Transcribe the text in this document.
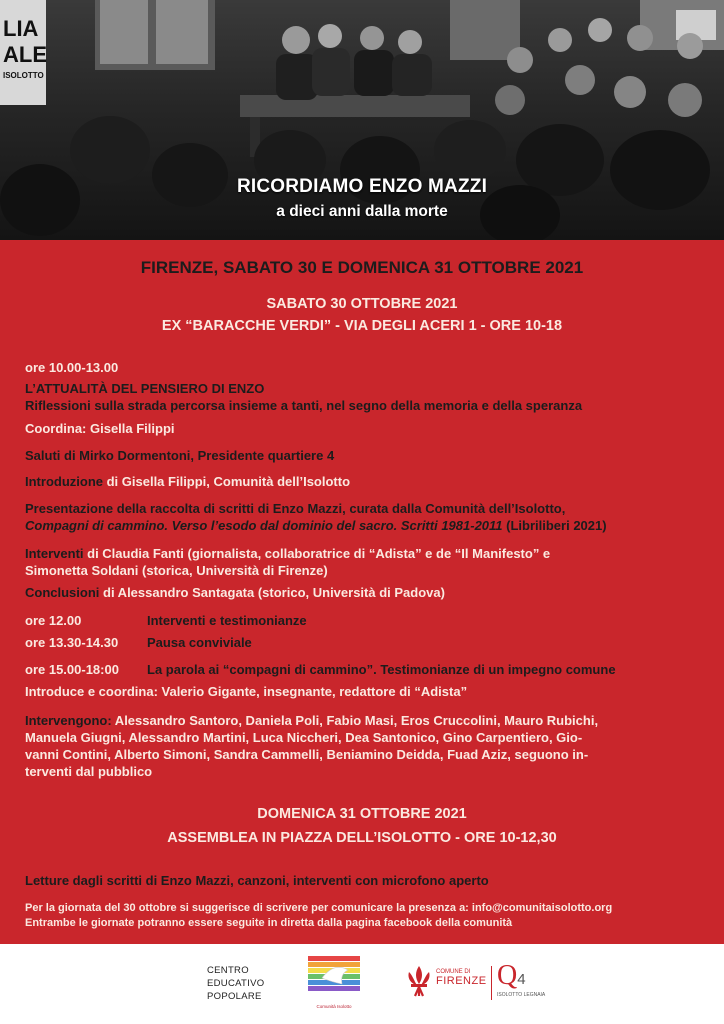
LIA
ALE
ISOLOTTO
RICORDIAMO ENZO MAZZI
a dieci anni dalla morte
FIRENZE, SABATO 30 E DOMENICA 31 OTTOBRE 2021
SABATO 30 OTTOBRE 2021
EX “BARACCHE VERDI” - VIA DEGLI ACERI 1 - ORE 10-18
ore 10.00-13.00
L’ATTUALITÀ DEL PENSIERO DI ENZO
Riflessioni sulla strada percorsa insieme a tanti, nel segno della memoria e della speranza
Coordina: Gisella Filippi
Saluti di Mirko Dormentoni, Presidente quartiere 4
Introduzione di Gisella Filippi, Comunità dell’Isolotto
Presentazione della raccolta di scritti di Enzo Mazzi, curata dalla Comunità dell’Isolotto,
Compagni di cammino. Verso l’esodo dal dominio del sacro. Scritti 1981-2011 (Libriliberi 2021)
Interventi di Claudia Fanti (giornalista, collaboratrice di “Adista” e de “Il Manifesto” e
Simonetta Soldani (storica, Università di Firenze)
Conclusioni di Alessandro Santagata (storico, Università di Padova)
ore 12.00	Interventi e testimonianze
ore 13.30-14.30 Pausa conviviale
ore 15.00-18:00 La parola ai “compagni di cammino”. Testimonianze di un impegno comune
Introduce e coordina: Valerio Gigante, insegnante, redattore di “Adista”
Intervengono: Alessandro Santoro, Daniela Poli, Fabio Masi, Eros Cruccolini, Mauro Rubichi,
Manuela Giugni, Alessandro Martini, Luca Niccheri, Dea Santonico, Gino Carpentiero, Gio-
vanni Contini, Alberto Simoni, Sandra Cammelli, Beniamino Deidda, Fuad Aziz, seguono in-
terventi dal pubblico
DOMENICA 31 OTTOBRE 2021
ASSEMBLEA IN PIAZZA DELL’ISOLOTTO - ORE 10-12,30
Letture dagli scritti di Enzo Mazzi, canzoni, interventi con microfono aperto
Per la giornata del 30 ottobre si suggerisce di scrivere per comunicare la presenza a: info@comunitaisolotto.org
Entrambe le giornate potranno essere seguite in diretta dalla pagina facebook della comunità
CENTRO
EDUCATIVO
POPOLARE
Comunità Isolotto
COMUNE DI
FIRENZE Q4
ISOLOTTO LEGNAIA
